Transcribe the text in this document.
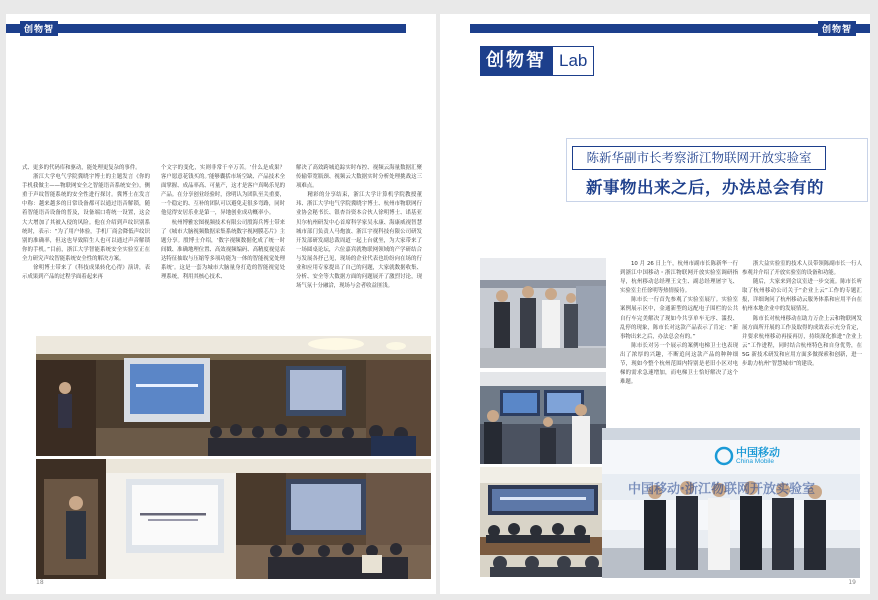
创物智
式、更多的代码库和驱动，能处理更复杂的事件。
　　浙江大学电气学院冀晓宇博士的主题发言《你的手机我做主——物联网安全之智能语音系统安全》，侧重于声纹智能系统的安全性进行探讨。冀博士在发言中称：越来越多的日常设备都可以通过语音解锁，随着智能语音设备的普及，设备端口将统一设置，这会大大增加了其被入侵的风险。他在介绍到声纹识别系统时，表示：“为了用户体验，手机厂商会降低声纹识别的准确率，但这也导致陌生人也可以通过声音解锁你的手机。”目前，浙江大学智能系统安全实验室正在全力研究声纹智能系统安全性的解决方案。
　　徐明博士带来了《科技成果转化心得》演讲，表示成果到产品的过程学面着起来再
个文字的变化，实则非常千辛万苦。‘什么是成果？客户愿意花钱买的。’能够囊括市场空缺、产品技术全面掌握、成品率高、可量产，这才是客户真喝乐见的产品。在分享创业经验时，徐明认为团队至关重要，一个稳定的、互补的团队可以避免走很多弯路，同时他觉得安居乐业是第一，异地创业成功概率小。
　　杭州博雅宏图视频技术有限公司殷海兵博士带来了《城市大脑视频数据采集系统数字视网膜芯片》主题分享。殷博士介绍，‘数字视频数据化成了统一时间戳、准确地理位置、高效视频编码、高精度视觉表达特征抽取与压缩等多项功能为一体的智能视觉处理系统’。这是一套为城市大脑量身打造的智能视觉处理系统，利用其核心技术、
解决了高效跨城追踪实时布控、视频云海量数据汇聚传输带宽瓶颈、视频云大数据实时分析处理挑战这三项难点。
　　精彩的分享结束，浙江大学计算机学院教授董玮、浙江大学电气学院冀晓宇博士、杭州市物联网行业协会秘书长、银杏谷资本合伙人徐明博士、诺基亚贝尔杭州研发中心首席科学家吴永康、海康威视智慧城市部门负责人马炮波、浙江宇视科技有限公司研发开发部研发副总裁周道一起上台就坐，为大家带来了一场圆桌论坛，六位嘉宾就物联网领域的产学研结合与发展各抒己见，现场的企业代表也纷纷向在场的行业和应用专家提出了自己的问题，大家就数据收集、分析、安全等大数据方面的问题展开了激烈讨论，现场气氛十分融洽，现场与会者收益匪浅。
18
创物智
创物智 Lab
陈新华副市长考察浙江物联网开放实验室
新事物出来之后，办法总会有的
　　10 月 26 日上午，杭州市副市长陈新华一行到浙江中国移动・浙江物联网开放实验室调研指导，杭州移动总经理王文生、副总经理屠宇飞、实验室主任徐明等热情接待。
　　陈市长一行首先参观了实验室展厅。实验室案例展示区中，金通新型的远配电子围栏的公共自行车完美解决了现如今共享单车无序、滥投、乱停的现象，陈市长对这款产品表示了肯定：“新事物出来之后，办法总会有的。”
　　陈市长对另一个展示的案例电梯卫士也表现出了浓厚的兴趣，不断追问这款产品的种种细节，现如今整个杭州范围内特别是老旧小区对电梯的需求急速增加，而电梯卫士恰好解决了这个难题。
　　浙大益实验室的技术人员带领陈副市长一行人参观并介绍了开放实验室的设备和功能。
　　随后，大家来到会议室进一步交流。陈市长听取了杭州移动公司关于“企业上云”工作的专题汇报，详细询问了杭州移动云服务体系和应用平台在杭州本地企业中的发展情况。
　　陈市长对杭州移动在助力万企上云和物联网发展方面所开展的工作及取得的成效表示充分肯定，并要求杭州移动再接再厉，持续深化推进“企业上云”工作进程，同时结合杭州特色和自身优势，在 5G 新技术研发和应用方面多做探索和创新，进一步助力杭州“智慧城市”的建设。
中国移动
China Mobile
中国移动·浙江物联网开放实验室
19
